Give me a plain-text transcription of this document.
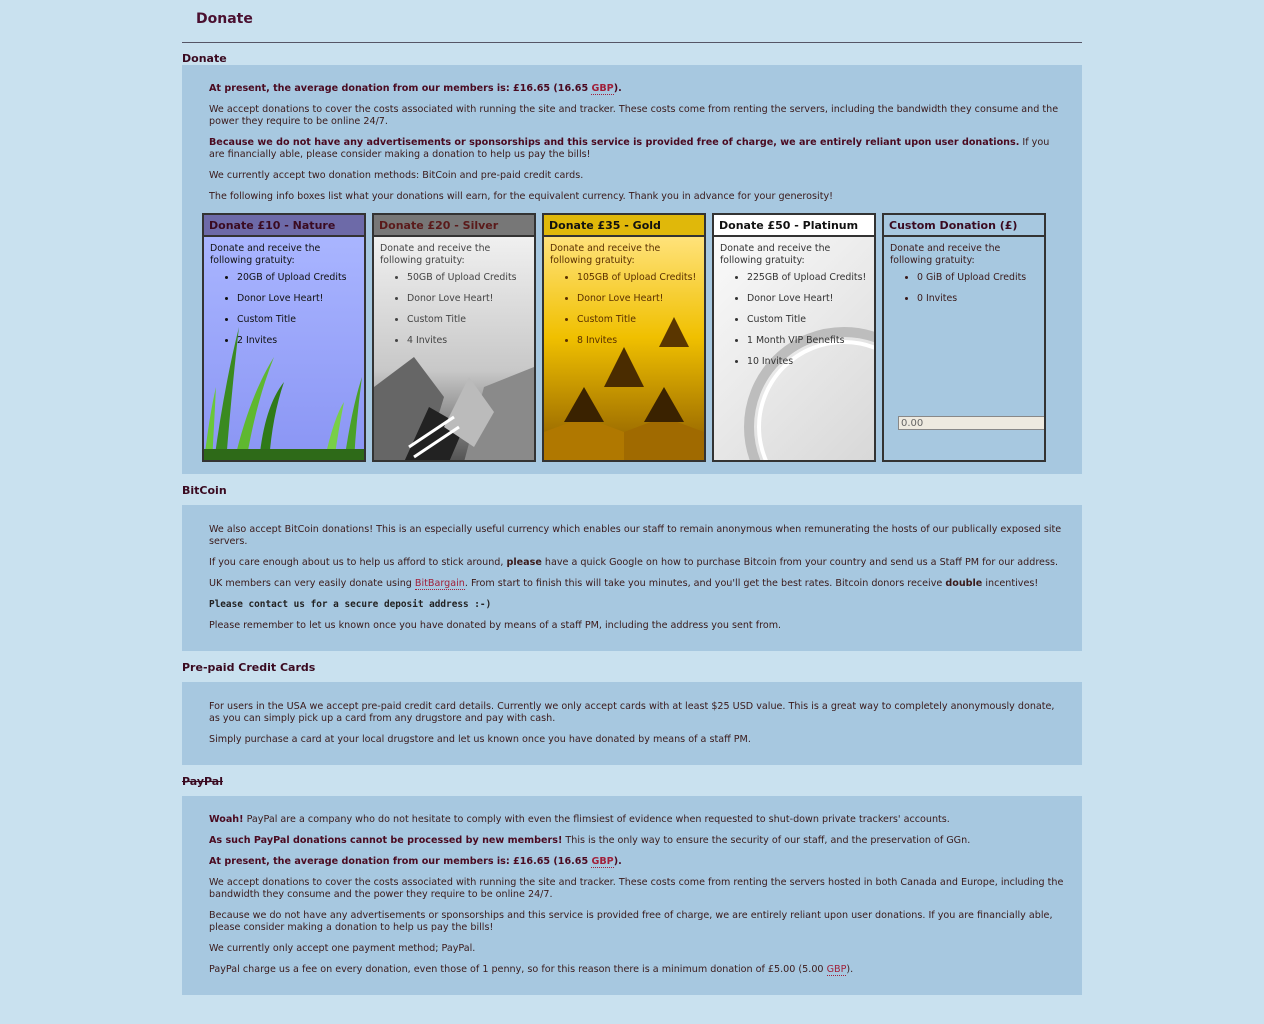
Donate
Donate

At present, the average donation from our members is: £16.65 (16.65 GBP).

We accept donations to cover the costs associated with running the site and tracker. These costs come from renting the servers, including the bandwidth they consume and the power they require to be online 24/7.

Because we do not have any advertisements or sponsorships and this service is provided free of charge, we are entirely reliant upon user donations. If you are financially able, please consider making a donation to help us pay the bills!

We currently accept two donation methods: BitCoin and pre-paid credit cards.

The following info boxes list what your donations will earn, for the equivalent currency. Thank you in advance for your generosity!

Donate £10 - Nature
Donate and receive the following gratuity:
• 20GB of Upload Credits
• Donor Love Heart!
• Custom Title
• 2 Invites
Donate £20 - Silver
Donate and receive the following gratuity:
• 50GB of Upload Credits
• Donor Love Heart!
• Custom Title
• 4 Invites
Donate £35 - Gold
Donate and receive the following gratuity:
• 105GB of Upload Credits!
• Donor Love Heart!
• Custom Title
• 8 Invites
Donate £50 - Platinum
Donate and receive the following gratuity:
• 225GB of Upload Credits!
• Donor Love Heart!
• Custom Title
• 1 Month VIP Benefits
• 10 Invites
Custom Donation (£)
Donate and receive the following gratuity:
• 0 GiB of Upload Credits
• 0 Invites
0.00
BitCoin

We also accept BitCoin donations! This is an especially useful currency which enables our staff to remain anonymous when remunerating the hosts of our publically exposed site servers.

If you care enough about us to help us afford to stick around, please have a quick Google on how to purchase Bitcoin from your country and send us a Staff PM for our address.

UK members can very easily donate using BitBargain. From start to finish this will take you minutes, and you'll get the best rates. Bitcoin donors receive double incentives!

Please contact us for a secure deposit address :-)

Please remember to let us known once you have donated by means of a staff PM, including the address you sent from.

Pre-paid Credit Cards

For users in the USA we accept pre-paid credit card details. Currently we only accept cards with at least $25 USD value. This is a great way to completely anonymously donate, as you can simply pick up a card from any drugstore and pay with cash.

Simply purchase a card at your local drugstore and let us known once you have donated by means of a staff PM.

PayPal

Woah! PayPal are a company who do not hesitate to comply with even the flimsiest of evidence when requested to shut-down private trackers' accounts.

As such PayPal donations cannot be processed by new members! This is the only way to ensure the security of our staff, and the preservation of GGn.

At present, the average donation from our members is: £16.65 (16.65 GBP).

We accept donations to cover the costs associated with running the site and tracker. These costs come from renting the servers hosted in both Canada and Europe, including the bandwidth they consume and the power they require to be online 24/7.

Because we do not have any advertisements or sponsorships and this service is provided free of charge, we are entirely reliant upon user donations. If you are financially able, please consider making a donation to help us pay the bills!

We currently only accept one payment method; PayPal.

PayPal charge us a fee on every donation, even those of 1 penny, so for this reason there is a minimum donation of £5.00 (5.00 GBP).
